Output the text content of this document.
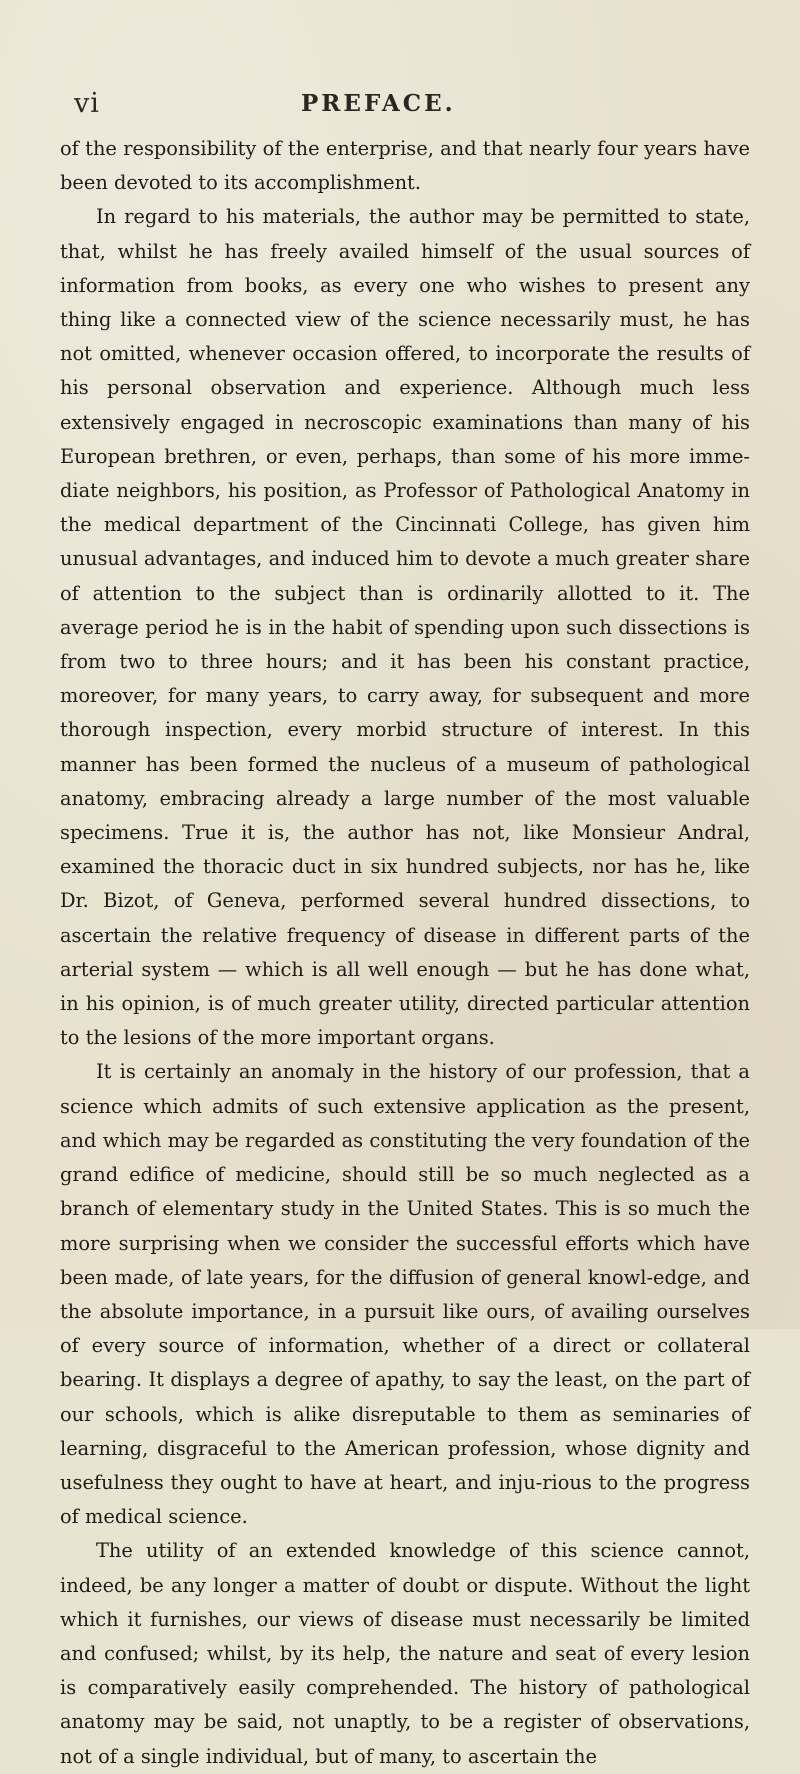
vi	PREFACE.

of the responsibility of the enterprise, and that nearly four years have been devoted to its accomplishment.

In regard to his materials, the author may be permitted to state, that, whilst he has freely availed himself of the usual sources of information from books, as every one who wishes to present any thing like a connected view of the science necessarily must, he has not omitted, whenever occasion offered, to incorporate the results of his personal observation and experience. Although much less extensively engaged in necroscopic examinations than many of his European brethren, or even, perhaps, than some of his more imme-diate neighbors, his position, as Professor of Pathological Anatomy in the medical department of the Cincinnati College, has given him unusual advantages, and induced him to devote a much greater share of attention to the subject than is ordinarily allotted to it. The average period he is in the habit of spending upon such dissections is from two to three hours; and it has been his constant practice, moreover, for many years, to carry away, for subsequent and more thorough inspection, every morbid structure of interest. In this manner has been formed the nucleus of a museum of pathological anatomy, embracing already a large number of the most valuable specimens. True it is, the author has not, like Monsieur Andral, examined the thoracic duct in six hundred subjects, nor has he, like Dr. Bizot, of Geneva, performed several hundred dissections, to ascertain the relative frequency of disease in different parts of the arterial system — which is all well enough — but he has done what, in his opinion, is of much greater utility, directed particular attention to the lesions of the more important organs.

It is certainly an anomaly in the history of our profession, that a science which admits of such extensive application as the present, and which may be regarded as constituting the very foundation of the grand edifice of medicine, should still be so much neglected as a branch of elementary study in the United States. This is so much the more surprising when we consider the successful efforts which have been made, of late years, for the diffusion of general knowl-edge, and the absolute importance, in a pursuit like ours, of availing ourselves of every source of information, whether of a direct or collateral bearing. It displays a degree of apathy, to say the least, on the part of our schools, which is alike disreputable to them as seminaries of learning, disgraceful to the American profession, whose dignity and usefulness they ought to have at heart, and inju-rious to the progress of medical science.

The utility of an extended knowledge of this science cannot, indeed, be any longer a matter of doubt or dispute. Without the light which it furnishes, our views of disease must necessarily be limited and confused; whilst, by its help, the nature and seat of every lesion is comparatively easily comprehended. The history of pathological anatomy may be said, not unaptly, to be a register of observations, not of a single individual, but of many, to ascertain the
